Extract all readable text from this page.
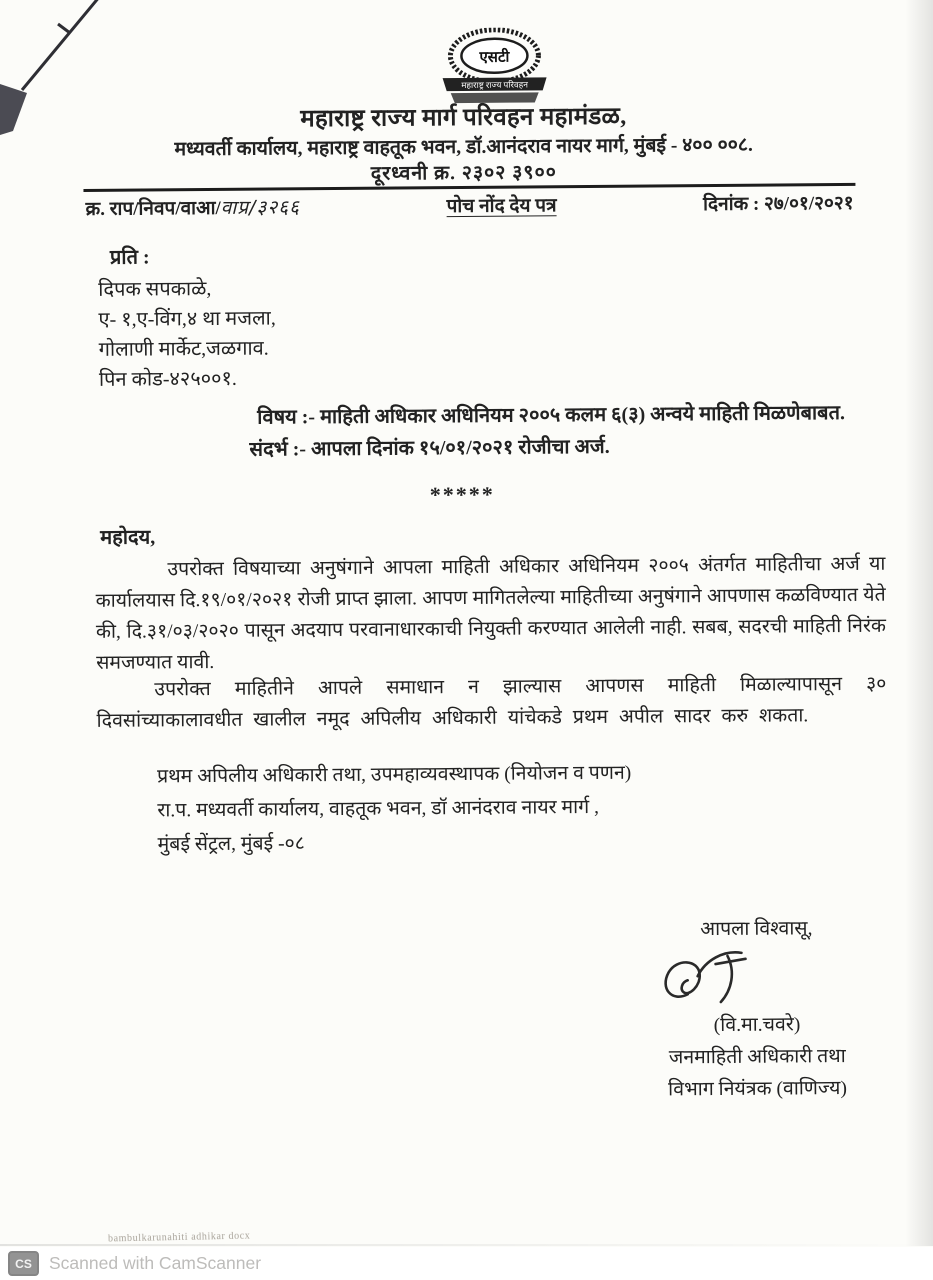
एसटी
महाराष्ट्र राज्य परिवहन
महाराष्ट्र राज्य मार्ग परिवहन महामंडळ,
मध्यवर्ती कार्यालय, महाराष्ट्र वाहतूक भवन, डॉ.आनंदराव नायर मार्ग, मुंबई - ४०० ००८.
दूरध्वनी क्र. २३०२ ३९००
क्र. राप/निवप/वाआ/वाप्र/३२६६	पोच नोंद देय पत्र	दिनांक : २७/०१/२०२१
प्रति :
दिपक सपकाळे,
ए- १,ए-विंग,४ था मजला,
गोलाणी मार्केट,जळगाव.
पिन कोड-४२५००१.
विषय :- माहिती अधिकार अधिनियम २००५ कलम ६(३) अन्वये माहिती मिळणेबाबत.
संदर्भ :- आपला दिनांक १५/०१/२०२१ रोजीचा अर्ज.
*****
महोदय,
उपरोक्त विषयाच्या अनुषंगाने आपला माहिती अधिकार अधिनियम २००५ अंतर्गत माहितीचा अर्ज या कार्यालयास दि.१९/०१/२०२१ रोजी प्राप्त झाला. आपण मागितलेल्या माहितीच्या अनुषंगाने आपणास कळविण्यात येते की, दि.३१/०३/२०२० पासून अदयाप परवानाधारकाची नियुक्ती करण्यात आलेली नाही. सबब, सदरची माहिती निरंक समजण्यात यावी.
उपरोक्त माहितीने आपले समाधान न झाल्यास आपणस माहिती मिळाल्यापासून ३० दिवसांच्याकालावधीत खालील नमूद अपिलीय अधिकारी यांचेकडे प्रथम अपील सादर करु शकता.
प्रथम अपिलीय अधिकारी तथा, उपमहाव्यवस्थापक (नियोजन व पणन)
रा.प. मध्यवर्ती कार्यालय, वाहतूक भवन, डॉ आनंदराव नायर मार्ग ,
मुंबई सेंट्रल, मुंबई -०८
आपला विश्वासू,
(वि.मा.चवरे)
जनमाहिती अधिकारी तथा
विभाग नियंत्रक (वाणिज्य)
bambulkarunahiti adhikar docx
CS Scanned with CamScanner
